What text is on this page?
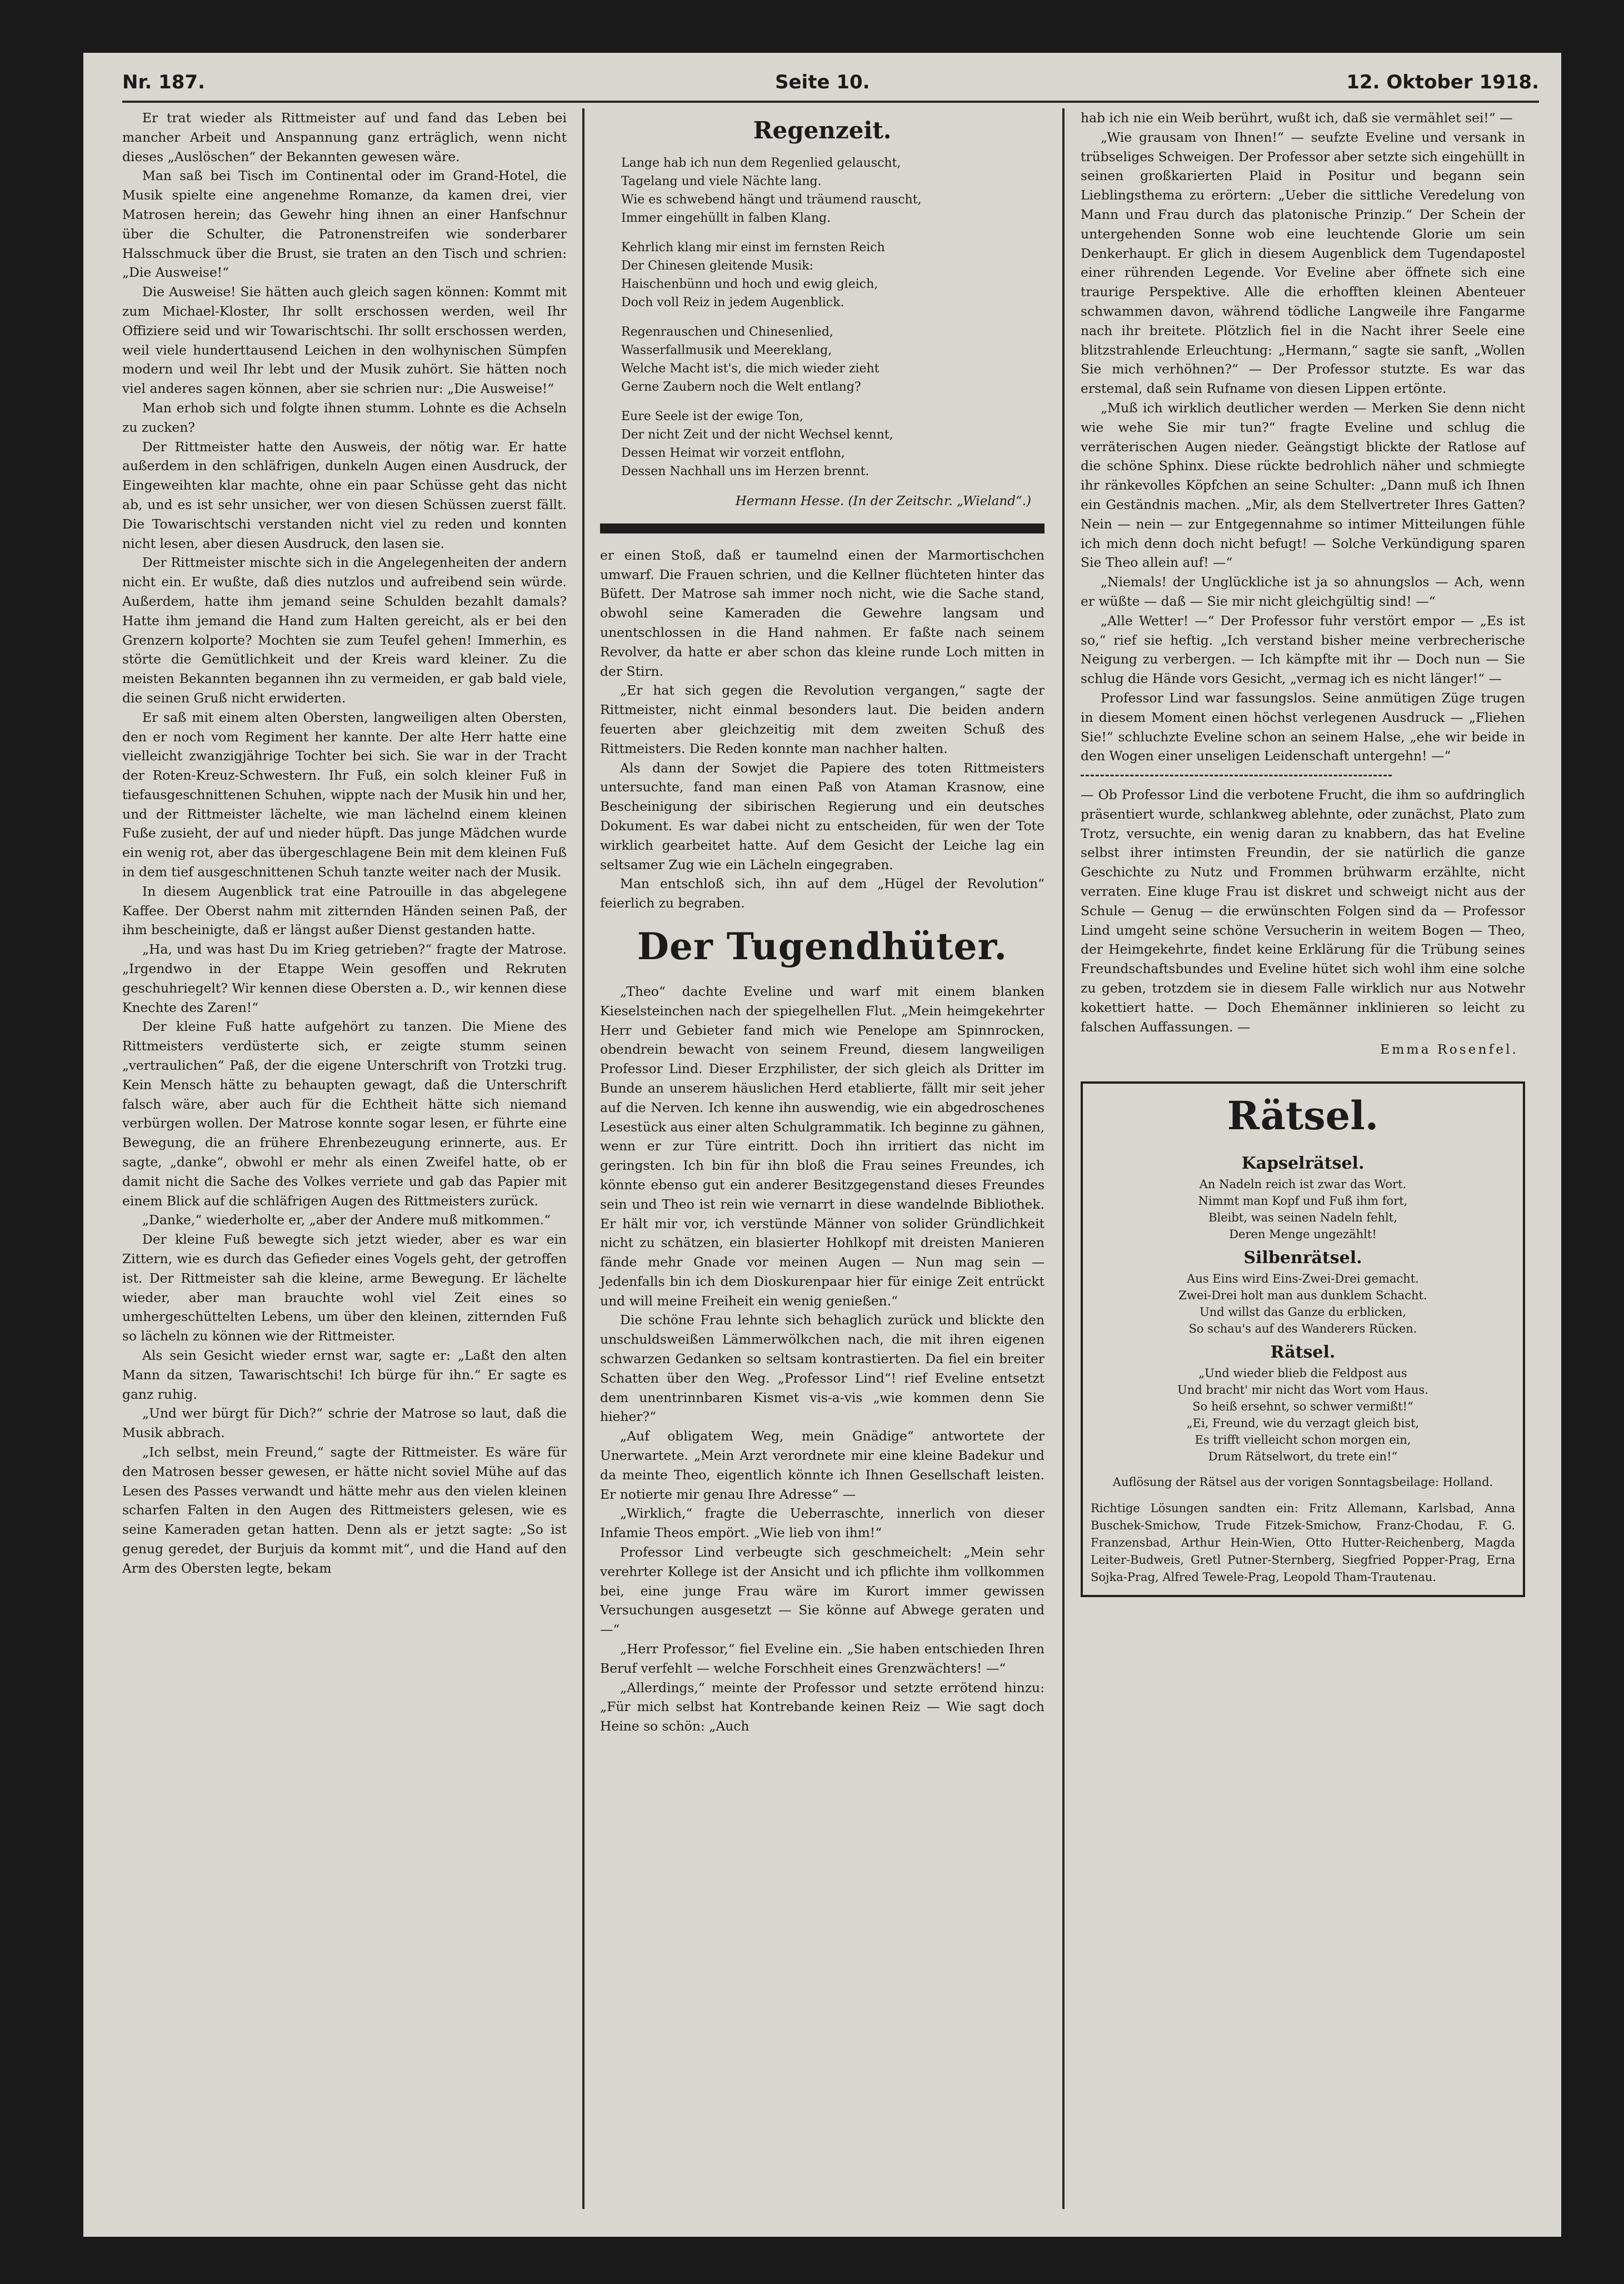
Nr. 187.	Seite 10.	12. Oktober 1918.

Er trat wieder als Rittmeister auf und fand das Leben bei mancher Arbeit und Anspannung ganz erträglich, wenn nicht dieses „Auslöschen“ der Bekannten gewesen wäre.

Man saß bei Tisch im Continental oder im Grand-Hotel, die Musik spielte eine angenehme Romanze, da kamen drei, vier Matrosen herein; das Gewehr hing ihnen an einer Hanfschnur über die Schulter, die Patronenstreifen wie sonderbarer Halsschmuck über die Brust, sie traten an den Tisch und schrien: „Die Ausweise!“

Die Ausweise! Sie hätten auch gleich sagen können: Kommt mit zum Michael-Kloster, Ihr sollt erschossen werden, weil Ihr Offiziere seid und wir Towarischtschi. Ihr sollt erschossen werden, weil viele hunderttausend Leichen in den wolhynischen Sümpfen modern und weil Ihr lebt und der Musik zuhört. Sie hätten noch viel anderes sagen können, aber sie schrien nur: „Die Ausweise!“

Man erhob sich und folgte ihnen stumm. Lohnte es die Achseln zu zucken?

Der Rittmeister hatte den Ausweis, der nötig war. Er hatte außerdem in den schläfrigen, dunkeln Augen einen Ausdruck, der Eingeweihten klar machte, ohne ein paar Schüsse geht das nicht ab, und es ist sehr unsicher, wer von diesen Schüssen zuerst fällt. Die Towarischtschi verstanden nicht viel zu reden und konnten nicht lesen, aber diesen Ausdruck, den lasen sie.

Der Rittmeister mischte sich in die Angelegenheiten der andern nicht ein. Er wußte, daß dies nutzlos und aufreibend sein würde. Außerdem, hatte ihm jemand seine Schulden bezahlt damals? Hatte ihm jemand die Hand zum Halten gereicht, als er bei den Grenzern kolporte? Mochten sie zum Teufel gehen! Immerhin, es störte die Gemütlichkeit und der Kreis ward kleiner. Zu die meisten Bekannten begannen ihn zu vermeiden, er gab bald viele, die seinen Gruß nicht erwiderten.

Er saß mit einem alten Obersten, langweiligen alten Obersten, den er noch vom Regiment her kannte. Der alte Herr hatte eine vielleicht zwanzigjährige Tochter bei sich. Sie war in der Tracht der Roten-Kreuz-Schwestern. Ihr Fuß, ein solch kleiner Fuß in tiefausgeschnittenen Schuhen, wippte nach der Musik hin und her, und der Rittmeister lächelte, wie man lächelnd einem kleinen Fuße zusieht, der auf und nieder hüpft. Das junge Mädchen wurde ein wenig rot, aber das übergeschlagene Bein mit dem kleinen Fuß in dem tief ausgeschnittenen Schuh tanzte weiter nach der Musik.

In diesem Augenblick trat eine Patrouille in das abgelegene Kaffee. Der Oberst nahm mit zitternden Händen seinen Paß, der ihm bescheinigte, daß er längst außer Dienst gestanden hatte.

„Ha, und was hast Du im Krieg getrieben?“ fragte der Matrose. „Irgendwo in der Etappe Wein gesoffen und Rekruten geschuhriegelt? Wir kennen diese Obersten a. D., wir kennen diese Knechte des Zaren!“

Der kleine Fuß hatte aufgehört zu tanzen. Die Miene des Rittmeisters verdüsterte sich, er zeigte stumm seinen „vertraulichen“ Paß, der die eigene Unterschrift von Trotzki trug. Kein Mensch hätte zu behaupten gewagt, daß die Unterschrift falsch wäre, aber auch für die Echtheit hätte sich niemand verbürgen wollen. Der Matrose konnte sogar lesen, er führte eine Bewegung, die an frühere Ehrenbezeugung erinnerte, aus. Er sagte, „danke“, obwohl er mehr als einen Zweifel hatte, ob er damit nicht die Sache des Volkes verriete und gab das Papier mit einem Blick auf die schläfrigen Augen des Rittmeisters zurück.

„Danke,“ wiederholte er, „aber der Andere muß mitkommen.“

Der kleine Fuß bewegte sich jetzt wieder, aber es war ein Zittern, wie es durch das Gefieder eines Vogels geht, der getroffen ist. Der Rittmeister sah die kleine, arme Bewegung. Er lächelte wieder, aber man brauchte wohl viel Zeit eines so umhergeschüttelten Lebens, um über den kleinen, zitternden Fuß so lächeln zu können wie der Rittmeister.

Als sein Gesicht wieder ernst war, sagte er: „Laßt den alten Mann da sitzen, Tawarischtschi! Ich bürge für ihn.“ Er sagte es ganz ruhig.

„Und wer bürgt für Dich?“ schrie der Matrose so laut, daß die Musik abbrach.

„Ich selbst, mein Freund,“ sagte der Rittmeister. Es wäre für den Matrosen besser gewesen, er hätte nicht soviel Mühe auf das Lesen des Passes verwandt und hätte mehr aus den vielen kleinen scharfen Falten in den Augen des Rittmeisters gelesen, wie es seine Kameraden getan hatten. Denn als er jetzt sagte: „So ist genug geredet, der Burjuis da kommt mit“, und die Hand auf den Arm des Obersten legte, bekam

Regenzeit.
Lange hab ich nun dem Regenlied gelauscht,
Tagelang und viele Nächte lang.
Wie es schwebend hängt und träumend rauscht,
Immer eingehüllt in falben Klang.
Kehrlich klang mir einst im fernsten Reich
Der Chinesen gleitende Musik:
Haischenbünn und hoch und ewig gleich,
Doch voll Reiz in jedem Augenblick.
Regenrauschen und Chinesenlied,
Wasserfallmusik und Meereklang,
Welche Macht ist's, die mich wieder zieht
Gerne Zaubern noch die Welt entlang?
Eure Seele ist der ewige Ton,
Der nicht Zeit und der nicht Wechsel kennt,
Dessen Heimat wir vorzeit entflohn,
Dessen Nachhall uns im Herzen brennt.
Hermann Hesse. (In der Zeitschr. „Wieland“.)

er einen Stoß, daß er taumelnd einen der Marmortischchen umwarf. Die Frauen schrien, und die Kellner flüchteten hinter das Büfett. Der Matrose sah immer noch nicht, wie die Sache stand, obwohl seine Kameraden die Gewehre langsam und unentschlossen in die Hand nahmen. Er faßte nach seinem Revolver, da hatte er aber schon das kleine runde Loch mitten in der Stirn.

„Er hat sich gegen die Revolution vergangen,“ sagte der Rittmeister, nicht einmal besonders laut. Die beiden andern feuerten aber gleichzeitig mit dem zweiten Schuß des Rittmeisters. Die Reden konnte man nachher halten.

Als dann der Sowjet die Papiere des toten Rittmeisters untersuchte, fand man einen Paß von Ataman Krasnow, eine Bescheinigung der sibirischen Regierung und ein deutsches Dokument. Es war dabei nicht zu entscheiden, für wen der Tote wirklich gearbeitet hatte. Auf dem Gesicht der Leiche lag ein seltsamer Zug wie ein Lächeln eingegraben.

Man entschloß sich, ihn auf dem „Hügel der Revolution“ feierlich zu begraben.

Der Tugendhüter.

„Theo“ dachte Eveline und warf mit einem blanken Kieselsteinchen nach der spiegelhellen Flut. „Mein heimgekehrter Herr und Gebieter fand mich wie Penelope am Spinnrocken, obendrein bewacht von seinem Freund, diesem langweiligen Professor Lind. Dieser Erzphilister, der sich gleich als Dritter im Bunde an unserem häuslichen Herd etablierte, fällt mir seit jeher auf die Nerven. Ich kenne ihn auswendig, wie ein abgedroschenes Lesestück aus einer alten Schulgrammatik. Ich beginne zu gähnen, wenn er zur Türe eintritt. Doch ihn irritiert das nicht im geringsten. Ich bin für ihn bloß die Frau seines Freundes, ich könnte ebenso gut ein anderer Besitzgegenstand dieses Freundes sein und Theo ist rein wie vernarrt in diese wandelnde Bibliothek. Er hält mir vor, ich verstünde Männer von solider Gründlichkeit nicht zu schätzen, ein blasierter Hohlkopf mit dreisten Manieren fände mehr Gnade vor meinen Augen — Nun mag sein — Jedenfalls bin ich dem Dioskurenpaar hier für einige Zeit entrückt und will meine Freiheit ein wenig genießen.“

Die schöne Frau lehnte sich behaglich zurück und blickte den unschuldsweißen Lämmerwölkchen nach, die mit ihren eigenen schwarzen Gedanken so seltsam kontrastierten. Da fiel ein breiter Schatten über den Weg. „Professor Lind“! rief Eveline entsetzt dem unentrinnbaren Kismet vis-a-vis „wie kommen denn Sie hieher?“

„Auf obligatem Weg, mein Gnädige“ antwortete der Unerwartete. „Mein Arzt verordnete mir eine kleine Badekur und da meinte Theo, eigentlich könnte ich Ihnen Gesellschaft leisten. Er notierte mir genau Ihre Adresse“ —

„Wirklich,“ fragte die Ueberraschte, innerlich von dieser Infamie Theos empört. „Wie lieb von ihm!“

Professor Lind verbeugte sich geschmeichelt: „Mein sehr verehrter Kollege ist der Ansicht und ich pflichte ihm vollkommen bei, eine junge Frau wäre im Kurort immer gewissen Versuchungen ausgesetzt — Sie könne auf Abwege geraten und —“

„Herr Professor,“ fiel Eveline ein. „Sie haben entschieden Ihren Beruf verfehlt — welche Forschheit eines Grenzwächters! —“

„Allerdings,“ meinte der Professor und setzte errötend hinzu: „Für mich selbst hat Kontrebande keinen Reiz — Wie sagt doch Heine so schön: „Auch

hab ich nie ein Weib berührt, wußt ich, daß sie vermählet sei!“ —

„Wie grausam von Ihnen!“ — seufzte Eveline und versank in trübseliges Schweigen. Der Professor aber setzte sich eingehüllt in seinen großkarierten Plaid in Positur und begann sein Lieblingsthema zu erörtern: „Ueber die sittliche Veredelung von Mann und Frau durch das platonische Prinzip.“ Der Schein der untergehenden Sonne wob eine leuchtende Glorie um sein Denkerhaupt. Er glich in diesem Augenblick dem Tugendapostel einer rührenden Legende. Vor Eveline aber öffnete sich eine traurige Perspektive. Alle die erhofften kleinen Abenteuer schwammen davon, während tödliche Langweile ihre Fangarme nach ihr breitete. Plötzlich fiel in die Nacht ihrer Seele eine blitzstrahlende Erleuchtung: „Hermann,“ sagte sie sanft, „Wollen Sie mich verhöhnen?“ — Der Professor stutzte. Es war das erstemal, daß sein Rufname von diesen Lippen ertönte.

„Muß ich wirklich deutlicher werden — Merken Sie denn nicht wie wehe Sie mir tun?“ fragte Eveline und schlug die verräterischen Augen nieder. Geängstigt blickte der Ratlose auf die schöne Sphinx. Diese rückte bedrohlich näher und schmiegte ihr ränkevolles Köpfchen an seine Schulter: „Dann muß ich Ihnen ein Geständnis machen. „Mir, als dem Stellvertreter Ihres Gatten? Nein — nein — zur Entgegennahme so intimer Mitteilungen fühle ich mich denn doch nicht befugt! — Solche Verkündigung sparen Sie Theo allein auf! —“

„Niemals! der Unglückliche ist ja so ahnungslos — Ach, wenn er wüßte — daß — Sie mir nicht gleichgültig sind! —“

„Alle Wetter! —“ Der Professor fuhr verstört empor — „Es ist so,“ rief sie heftig. „Ich verstand bisher meine verbrecherische Neigung zu verbergen. — Ich kämpfte mit ihr — Doch nun — Sie schlug die Hände vors Gesicht, „vermag ich es nicht länger!“ —

Professor Lind war fassungslos. Seine anmütigen Züge trugen in diesem Moment einen höchst verlegenen Ausdruck — „Fliehen Sie!“ schluchzte Eveline schon an seinem Halse, „ehe wir beide in den Wogen einer unseligen Leidenschaft untergehn! —“

— Ob Professor Lind die verbotene Frucht, die ihm so aufdringlich präsentiert wurde, schlankweg ablehnte, oder zunächst, Plato zum Trotz, versuchte, ein wenig daran zu knabbern, das hat Eveline selbst ihrer intimsten Freundin, der sie natürlich die ganze Geschichte zu Nutz und Frommen brühwarm erzählte, nicht verraten. Eine kluge Frau ist diskret und schweigt nicht aus der Schule — Genug — die erwünschten Folgen sind da — Professor Lind umgeht seine schöne Versucherin in weitem Bogen — Theo, der Heimgekehrte, findet keine Erklärung für die Trübung seines Freundschaftsbundes und Eveline hütet sich wohl ihm eine solche zu geben, trotzdem sie in diesem Falle wirklich nur aus Notwehr kokettiert hatte. — Doch Ehemänner inklinieren so leicht zu falschen Auffassungen. —

Emma Rosenfel.
Rätsel.
Kapselrätsel.
An Nadeln reich ist zwar das Wort.
Nimmt man Kopf und Fuß ihm fort,
Bleibt, was seinen Nadeln fehlt,
Deren Menge ungezählt!
Silbenrätsel.
Aus Eins wird Eins-Zwei-Drei gemacht.
Zwei-Drei holt man aus dunklem Schacht.
Und willst das Ganze du erblicken,
So schau's auf des Wanderers Rücken.
Rätsel.
„Und wieder blieb die Feldpost aus
Und bracht' mir nicht das Wort vom Haus.
So heiß ersehnt, so schwer vermißt!“
„Ei, Freund, wie du verzagt gleich bist,
Es trifft vielleicht schon morgen ein,
Drum Rätselwort, du trete ein!“
Auflösung der Rätsel aus der vorigen Sonntagsbeilage: Holland.
Richtige Lösungen sandten ein: Fritz Allemann, Karlsbad, Anna Buschek-Smichow, Trude Fitzek-Smichow, Franz-Chodau, F. G. Franzensbad, Arthur Hein-Wien, Otto Hutter-Reichenberg, Magda Leiter-Budweis, Gretl Putner-Sternberg, Siegfried Popper-Prag, Erna Sojka-Prag, Alfred Tewele-Prag, Leopold Tham-Trautenau.
